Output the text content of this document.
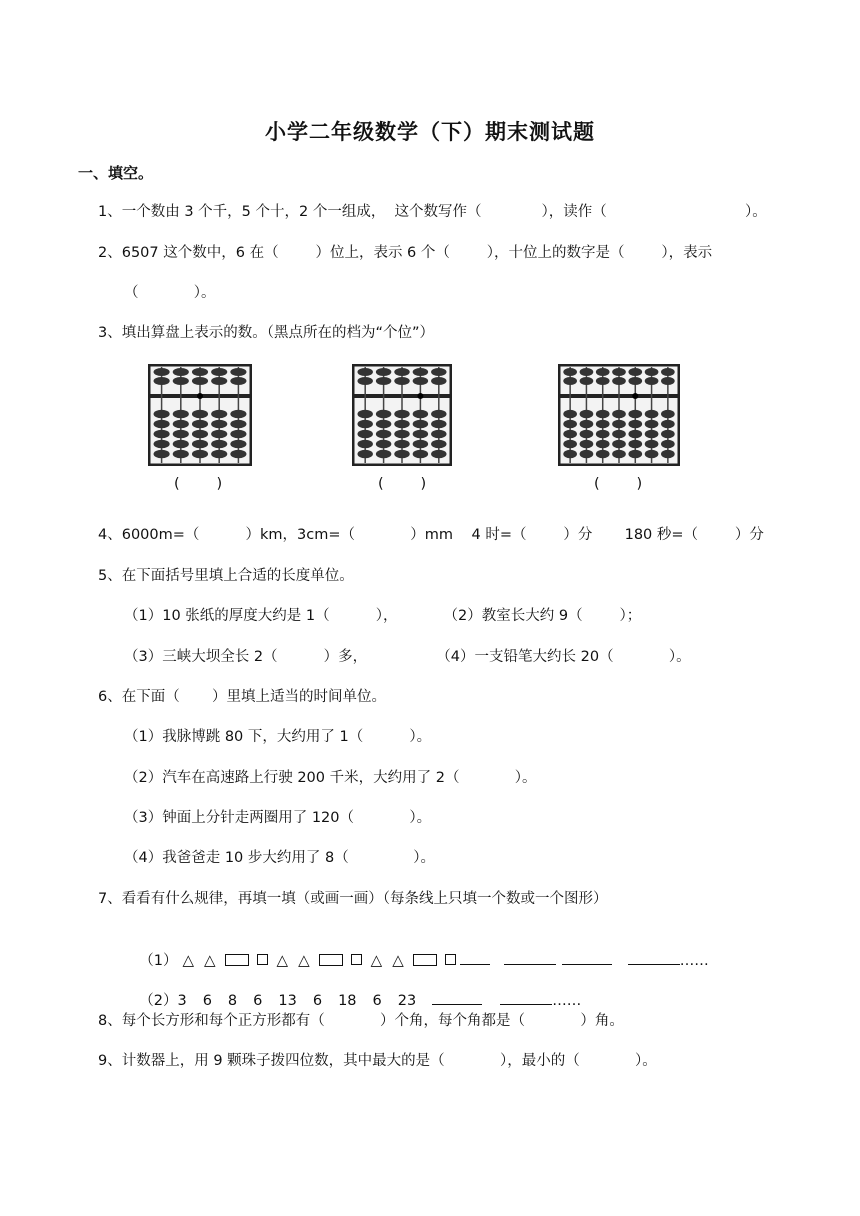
小学二年级数学（下）期末测试题
一、填空。
1、一个数由 3 个千，5 个十，2 个一组成，  这个数写作（             ），读作（                              ）。
2、6507 这个数中，6 在（        ）位上，表示 6 个（        ），十位上的数字是（        ），表示
（            ）。
3、填出算盘上表示的数。（黑点所在的档为“个位”）
(        )	(        )	(        )
4、6000m=（          ）km，3cm=（            ）mm    4 时=（        ）分       180 秒=（        ）分
5、在下面括号里填上合适的长度单位。
（1）10 张纸的厚度大约是 1（          ），          （2）教室长大约 9（        ）；
（3）三峡大坝全长 2（          ）多，               （4）一支铅笔大约长 20（            ）。
6、在下面（       ）里填上适当的时间单位。
（1）我脉博跳 80 下，大约用了 1（          ）。
（2）汽车在高速路上行驶 200 千米，大约用了 2（            ）。
（3）钟面上分针走两圈用了 120（            ）。
（4）我爸爸走 10 步大约用了 8（              ）。
7、看看有什么规律，再填一填（或画一画）（每条线上只填一个数或一个图形）

（1） △ △	△ △	△ △	……

（2）3 6 8 6 13 6 18 6 23	……

8、每个长方形和每个正方形都有（            ）个角，每个角都是（            ）角。
9、计数器上，用 9 颗珠子拨四位数，其中最大的是（            ），最小的（            ）。
